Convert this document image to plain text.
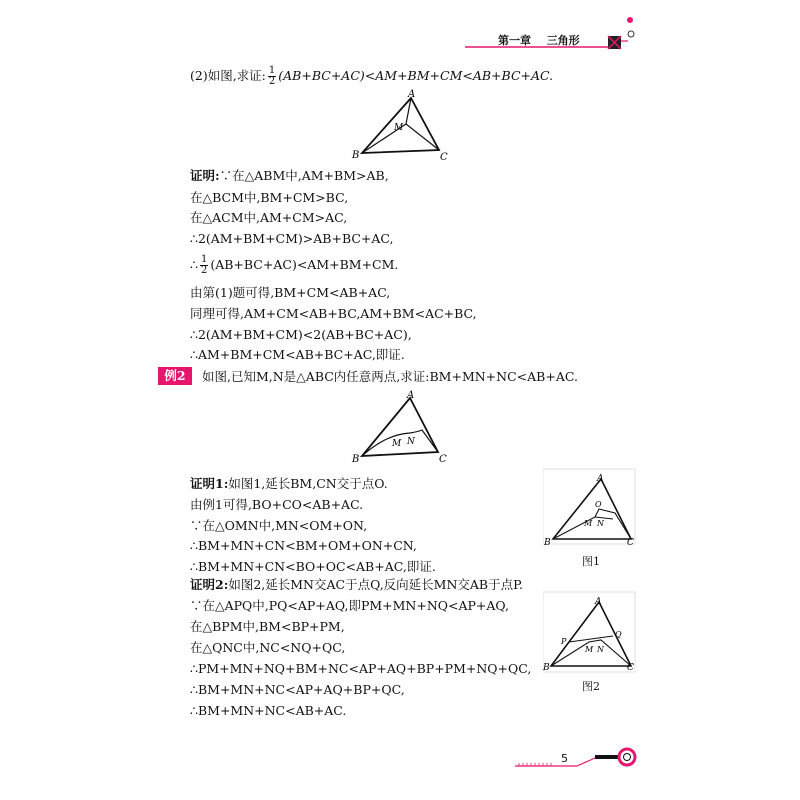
第一章 三角形
(2)如图,求证: $\frac{1}{2} (AB+BC+AC)<AM+BM+CM<AB+BC+AC$.
A
B	C
M
证明:∵在△ABM中,AM+BM>AB,
在△BCM中,BM+CM>BC,
在△ACM中,AM+CM>AC,
∴2(AM+BM+CM)>AB+BC+AC,
∴ $\frac{1}{2} (AB+BC+AC)<AM+BM+CM$.
由第(1)题可得,BM+CM<AB+AC,
同理可得,AM+CM<AB+BC,AM+BM<AC+BC,
∴2(AM+BM+CM)<2(AB+BC+AC),
∴AM+BM+CM<AB+BC+AC,即证.
例2	如图,已知M,N是△ABC内任意两点,求证:BM+MN+NC<AB+AC.
A
B	C
M N
证明1:如图1,延长BM,CN交于点O.
由例1可得,BO+CO<AB+AC.
∵在△OMN中,MN<OM+ON,
∴BM+MN+CN<BM+OM+ON+CN,
∴BM+MN+CN<BO+OC<AB+AC,即证.
A
O
M N
B	C
图1
证明2:如图2,延长MN交AC于点Q,反向延长MN交AB于点P.
∵在△APQ中,PQ<AP+AQ,即PM+MN+NQ<AP+AQ,
在△BPM中,BM<BP+PM,
在△QNC中,NC<NQ+QC,
∴PM+MN+NQ+BM+NC<AP+AQ+BP+PM+NQ+QC,
∴BM+MN+NC<AP+AQ+BP+QC,
∴BM+MN+NC<AB+AC.
A
P
Q
M N
B	C
图2
5
